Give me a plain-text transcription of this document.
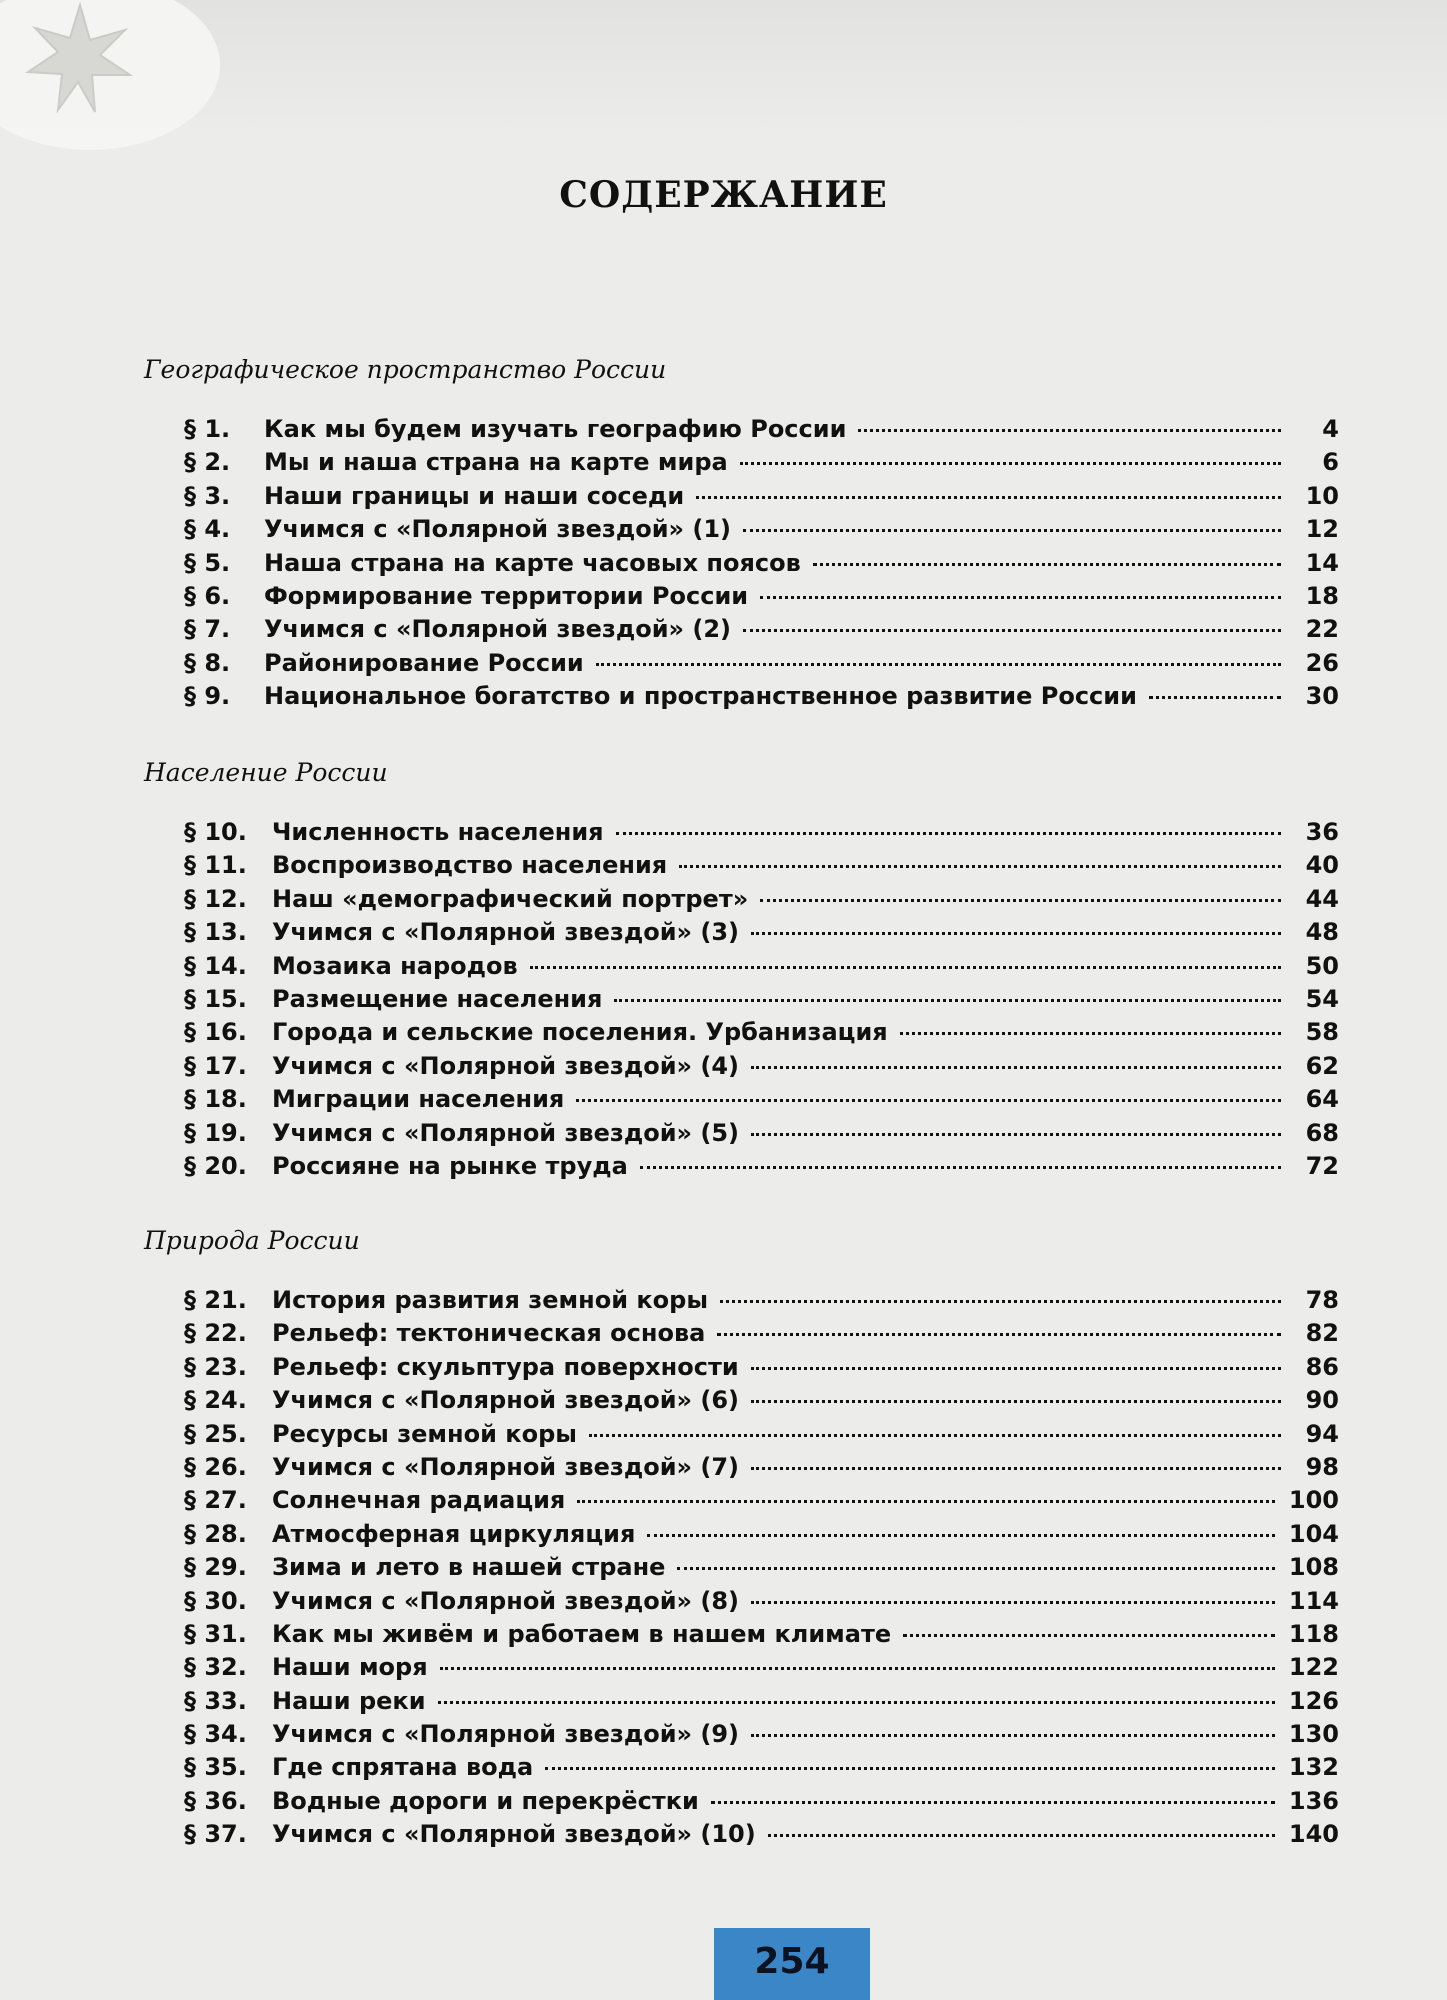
СОДЕРЖАНИЕ
Географическое пространство России
§ 1.	Как мы будем изучать географию России	4
§ 2.	Мы и наша страна на карте мира	6
§ 3.	Наши границы и наши соседи	10
§ 4.	Учимся с «Полярной звездой» (1)	12
§ 5.	Наша страна на карте часовых поясов	14
§ 6.	Формирование территории России	18
§ 7.	Учимся с «Полярной звездой» (2)	22
§ 8.	Районирование России	26
§ 9.	Национальное богатство и пространственное развитие России	30
Население России
§ 10.	Численность населения	36
§ 11.	Воспроизводство населения	40
§ 12.	Наш «демографический портрет»	44
§ 13.	Учимся с «Полярной звездой» (3)	48
§ 14.	Мозаика народов	50
§ 15.	Размещение населения	54
§ 16.	Города и сельские поселения. Урбанизация	58
§ 17.	Учимся с «Полярной звездой» (4)	62
§ 18.	Миграции населения	64
§ 19.	Учимся с «Полярной звездой» (5)	68
§ 20.	Россияне на рынке труда	72
Природа России
§ 21.	История развития земной коры	78
§ 22.	Рельеф: тектоническая основа	82
§ 23.	Рельеф: скульптура поверхности	86
§ 24.	Учимся с «Полярной звездой» (6)	90
§ 25.	Ресурсы земной коры	94
§ 26.	Учимся с «Полярной звездой» (7)	98
§ 27.	Солнечная радиация	100
§ 28.	Атмосферная циркуляция	104
§ 29.	Зима и лето в нашей стране	108
§ 30.	Учимся с «Полярной звездой» (8)	114
§ 31.	Как мы живём и работаем в нашем климате	118
§ 32.	Наши моря	122
§ 33.	Наши реки	126
§ 34.	Учимся с «Полярной звездой» (9)	130
§ 35.	Где спрятана вода	132
§ 36.	Водные дороги и перекрёстки	136
§ 37.	Учимся с «Полярной звездой» (10)	140
254
